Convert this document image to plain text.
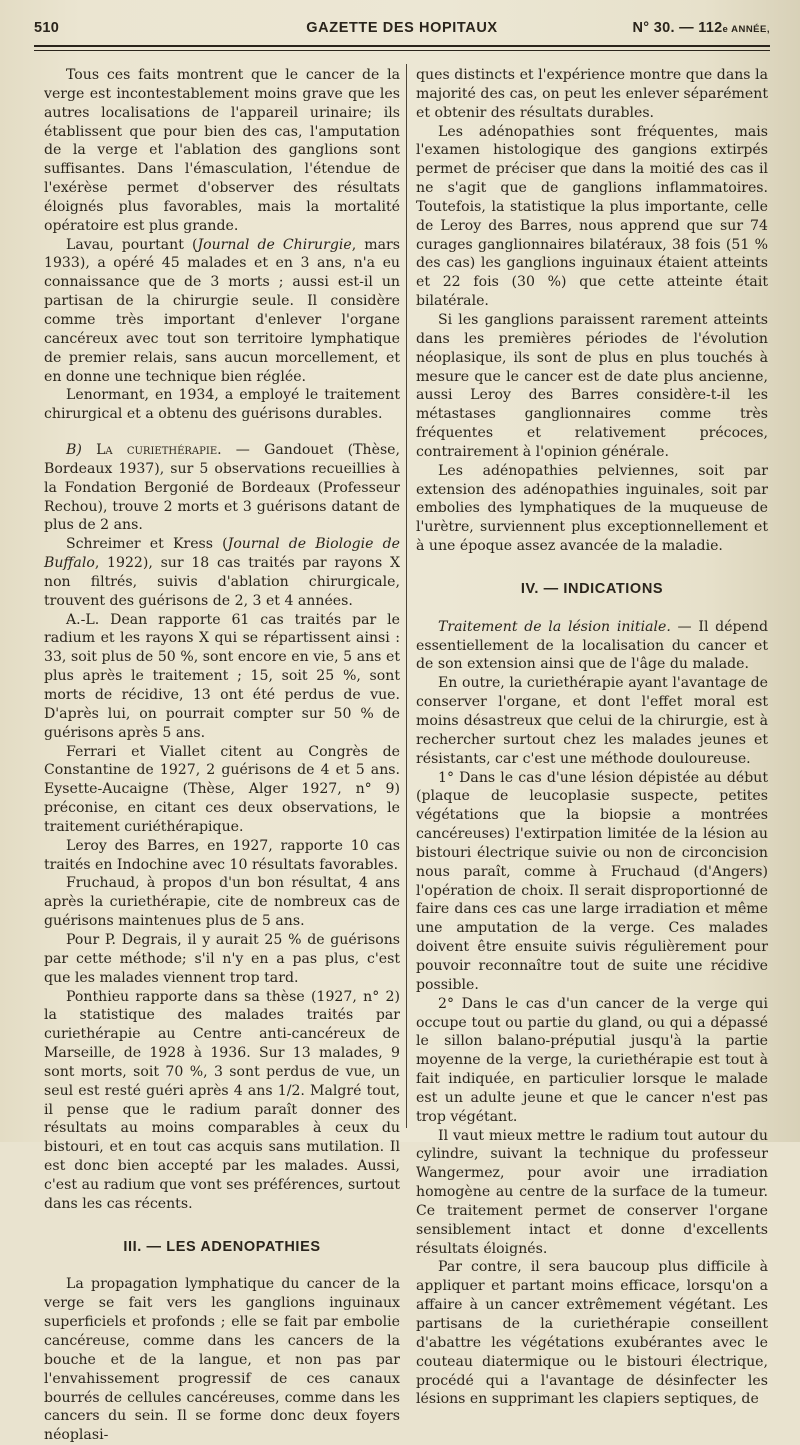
510	GAZETTE DES HOPITAUX	N° 30. — 112e ANNÉE,

Tous ces faits montrent que le cancer de la verge est incontestablement moins grave que les autres localisations de l'appareil urinaire; ils établissent que pour bien des cas, l'amputation de la verge et l'ablation des ganglions sont suffisantes. Dans l'émasculation, l'étendue de l'exérèse permet d'observer des résultats éloignés plus favorables, mais la mortalité opératoire est plus grande.

Lavau, pourtant (Journal de Chirurgie, mars 1933), a opéré 45 malades et en 3 ans, n'a eu connaissance que de 3 morts ; aussi est-il un partisan de la chirurgie seule. Il considère comme très important d'enlever l'organe cancéreux avec tout son territoire lymphatique de premier relais, sans aucun morcellement, et en donne une technique bien réglée.

Lenormant, en 1934, a employé le traitement chirurgical et a obtenu des guérisons durables.

B) La curiethérapie. — Gandouet (Thèse, Bordeaux 1937), sur 5 observations recueillies à la Fondation Bergonié de Bordeaux (Professeur Rechou), trouve 2 morts et 3 guérisons datant de plus de 2 ans.

Schreimer et Kress (Journal de Biologie de Buffalo, 1922), sur 18 cas traités par rayons X non filtrés, suivis d'ablation chirurgicale, trouvent des guérisons de 2, 3 et 4 années.

A.-L. Dean rapporte 61 cas traités par le radium et les rayons X qui se répartissent ainsi : 33, soit plus de 50 %, sont encore en vie, 5 ans et plus après le traitement ; 15, soit 25 %, sont morts de récidive, 13 ont été perdus de vue. D'après lui, on pourrait compter sur 50 % de guérisons après 5 ans.

Ferrari et Viallet citent au Congrès de Constantine de 1927, 2 guérisons de 4 et 5 ans. Eysette-Aucaigne (Thèse, Alger 1927, n° 9) préconise, en citant ces deux observations, le traitement curiéthérapique.

Leroy des Barres, en 1927, rapporte 10 cas traités en Indochine avec 10 résultats favorables.

Fruchaud, à propos d'un bon résultat, 4 ans après la curiethérapie, cite de nombreux cas de guérisons maintenues plus de 5 ans.

Pour P. Degrais, il y aurait 25 % de guérisons par cette méthode; s'il n'y en a pas plus, c'est que les malades viennent trop tard.

Ponthieu rapporte dans sa thèse (1927, n° 2) la statistique des malades traités par curiethérapie au Centre anti-cancéreux de Marseille, de 1928 à 1936. Sur 13 malades, 9 sont morts, soit 70 %, 3 sont perdus de vue, un seul est resté guéri après 4 ans 1/2. Malgré tout, il pense que le radium paraît donner des résultats au moins comparables à ceux du bistouri, et en tout cas acquis sans mutilation. Il est donc bien accepté par les malades. Aussi, c'est au radium que vont ses préférences, surtout dans les cas récents.

III. — LES ADENOPATHIES

La propagation lymphatique du cancer de la verge se fait vers les ganglions inguinaux superficiels et profonds ; elle se fait par embolie cancéreuse, comme dans les cancers de la bouche et de la langue, et non pas par l'envahissement progressif de ces canaux bourrés de cellules cancéreuses, comme dans les cancers du sein. Il se forme donc deux foyers néoplasi-

ques distincts et l'expérience montre que dans la majorité des cas, on peut les enlever séparément et obtenir des résultats durables.

Les adénopathies sont fréquentes, mais l'examen histologique des gangions extirpés permet de préciser que dans la moitié des cas il ne s'agit que de ganglions inflammatoires. Toutefois, la statistique la plus importante, celle de Leroy des Barres, nous apprend que sur 74 curages ganglionnaires bilatéraux, 38 fois (51 % des cas) les ganglions inguinaux étaient atteints et 22 fois (30 %) que cette atteinte était bilatérale.

Si les ganglions paraissent rarement atteints dans les premières périodes de l'évolution néoplasique, ils sont de plus en plus touchés à mesure que le cancer est de date plus ancienne, aussi Leroy des Barres considère-t-il les métastases ganglionnaires comme très fréquentes et relativement précoces, contrairement à l'opinion générale.

Les adénopathies pelviennes, soit par extension des adénopathies inguinales, soit par embolies des lymphatiques de la muqueuse de l'urètre, surviennent plus exceptionnellement et à une époque assez avancée de la maladie.

IV. — INDICATIONS

Traitement de la lésion initiale. — Il dépend essentiellement de la localisation du cancer et de son extension ainsi que de l'âge du malade.

En outre, la curiethérapie ayant l'avantage de conserver l'organe, et dont l'effet moral est moins désastreux que celui de la chirurgie, est à rechercher surtout chez les malades jeunes et résistants, car c'est une méthode douloureuse.

1° Dans le cas d'une lésion dépistée au début (plaque de leucoplasie suspecte, petites végétations que la biopsie a montrées cancéreuses) l'extirpation limitée de la lésion au bistouri électrique suivie ou non de circoncision nous paraît, comme à Fruchaud (d'Angers) l'opération de choix. Il serait disproportionné de faire dans ces cas une large irradiation et même une amputation de la verge. Ces malades doivent être ensuite suivis régulièrement pour pouvoir reconnaître tout de suite une récidive possible.

2° Dans le cas d'un cancer de la verge qui occupe tout ou partie du gland, ou qui a dépassé le sillon balano-préputial jusqu'à la partie moyenne de la verge, la curiethérapie est tout à fait indiquée, en particulier lorsque le malade est un adulte jeune et que le cancer n'est pas trop végétant.

Il vaut mieux mettre le radium tout autour du cylindre, suivant la technique du professeur Wangermez, pour avoir une irradiation homogène au centre de la surface de la tumeur. Ce traitement permet de conserver l'organe sensiblement intact et donne d'excellents résultats éloignés.

Par contre, il sera baucoup plus difficile à appliquer et partant moins efficace, lorsqu'on a affaire à un cancer extrêmement végétant. Les partisans de la curiethérapie conseillent d'abattre les végétations exubérantes avec le couteau diatermique ou le bistouri électrique, procédé qui a l'avantage de désinfecter les lésions en supprimant les clapiers septiques, de
